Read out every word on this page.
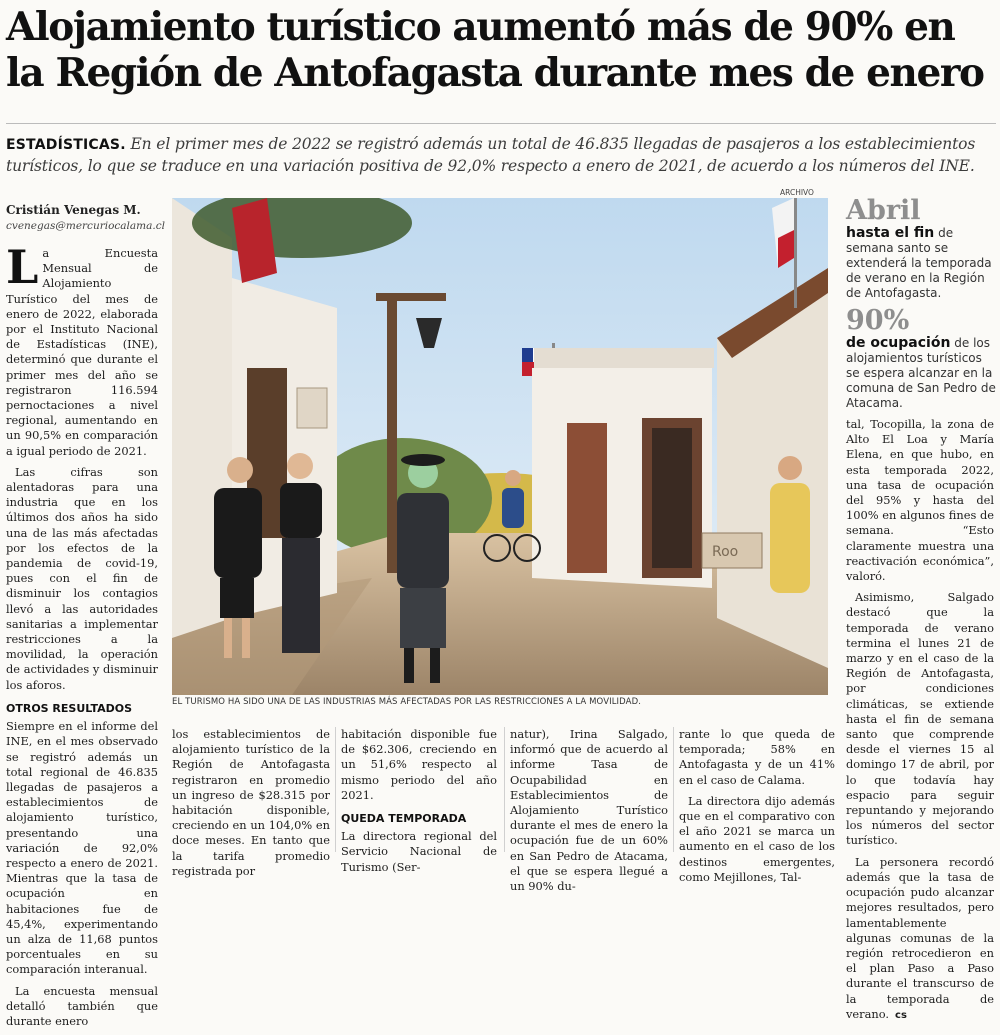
Alojamiento turístico aumentó más de 90% en la Región de Antofagasta durante mes de enero
ESTADÍSTICAS. En el primer mes de 2022 se registró además un total de 46.835 llegadas de pasajeros a los establecimientos turísticos, lo que se traduce en una variación positiva de 92,0% respecto a enero de 2021, de acuerdo a los números del INE.
Cristián Venegas M.
cvenegas@mercuriocalama.cl

La Encuesta Mensual de Alojamiento Turístico del mes de enero de 2022, elaborada por el Instituto Nacional de Estadísticas (INE), determinó que durante el primer mes del año se registraron 116.594 pernoctaciones a nivel regional, aumentando en un 90,5% en comparación a igual periodo de 2021.

Las cifras son alentadoras para una industria que en los últimos dos años ha sido una de las más afectadas por los efectos de la pandemia de covid-19, pues con el fin de disminuir los contagios llevó a las autoridades sanitarias a implementar restricciones a la movilidad, la operación de actividades y disminuir los aforos.

OTROS RESULTADOS

Siempre en el informe del INE, en el mes observado se registró además un total regional de 46.835 llegadas de pasajeros a establecimientos de alojamiento turístico, presentando una variación de 92,0% respecto a enero de 2021. Mientras que la tasa de ocupación en habitaciones fue de 45,4%, experimentando un alza de 11,68 puntos porcentuales en su comparación interanual.

La encuesta mensual detalló también que durante enero

ARCHIVO
Roo
EL TURISMO HA SIDO UNA DE LAS INDUSTRIAS MÁS AFECTADAS POR LAS RESTRICCIONES A LA MOVILIDAD.
Abril
hasta el fin de semana santo se extenderá la temporada de verano en la Región de Antofagasta.
90%
de ocupación de los alojamientos turísticos se espera alcanzar en la comuna de San Pedro de Atacama.

los establecimientos de alojamiento turístico de la Región de Antofagasta registraron en promedio un ingreso de $28.315 por habitación disponible, creciendo en un 104,0% en doce meses. En tanto que la tarifa promedio registrada por

habitación disponible fue de $62.306, creciendo en un 51,6% respecto al mismo periodo del año 2021.

QUEDA TEMPORADA

La directora regional del Servicio Nacional de Turismo (Ser-

natur), Irina Salgado, informó que de acuerdo al informe Tasa de Ocupabilidad en Establecimientos de Alojamiento Turístico durante el mes de enero la ocupación fue de un 60% en San Pedro de Atacama, el que se espera llegué a un 90% du-

rante lo que queda de temporada; 58% en Antofagasta y de un 41% en el caso de Calama.

La directora dijo además que en el comparativo con el año 2021 se marca un aumento en el caso de los destinos emergentes, como Mejillones, Tal-

tal, Tocopilla, la zona de Alto El Loa y María Elena, en que hubo, en esta temporada 2022, una tasa de ocupación del 95% y hasta del 100% en algunos fines de semana. “Esto claramente muestra una reactivación económica”, valoró.

Asimismo, Salgado destacó que la temporada de verano termina el lunes 21 de marzo y en el caso de la Región de Antofagasta, por condiciones climáticas, se extiende hasta el fin de semana santo que comprende desde el viernes 15 al domingo 17 de abril, por lo que todavía hay espacio para seguir repuntando y mejorando los números del sector turístico.

La personera recordó además que la tasa de ocupación pudo alcanzar mejores resultados, pero lamentablemente algunas comunas de la región retrocedieron en el plan Paso a Paso durante el transcurso de la temporada de verano. cs
